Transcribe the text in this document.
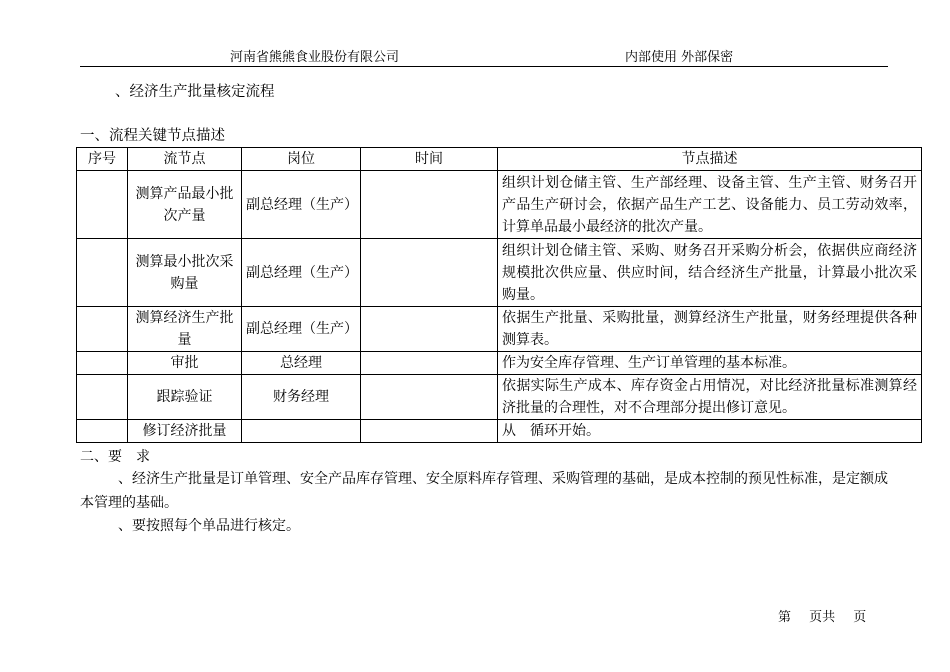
河南省熊熊食业股份有限公司	内部使用 外部保密
、经济生产批量核定流程
一、流程关键节点描述
序号	流节点	岗位	时间	节点描述
	测算产品最小批次产量	副总经理（生产）		组织计划仓储主管、生产部经理、设备主管、生产主管、财务召开产品生产研讨会，依据产品生产工艺、设备能力、员工劳动效率，计算单品最小最经济的批次产量。
	测算最小批次采购量	副总经理（生产）		组织计划仓储主管、采购、财务召开采购分析会，依据供应商经济规模批次供应量、供应时间，结合经济生产批量，计算最小批次采购量。
	测算经济生产批量	副总经理（生产）		依据生产批量、采购批量，测算经济生产批量，财务经理提供各种测算表。
	审批	总经理		作为安全库存管理、生产订单管理的基本标准。
	跟踪验证	财务经理		依据实际生产成本、库存资金占用情况，对比经济批量标准测算经济批量的合理性，对不合理部分提出修订意见。
	修订经济批量			从　循环开始。
二、要　求
、经济生产批量是订单管理、安全产品库存管理、安全原料库存管理、采购管理的基础，是成本控制的预见性标准，是定额成本管理的基础。
、要按照每个单品进行核定。
第 页共 页
